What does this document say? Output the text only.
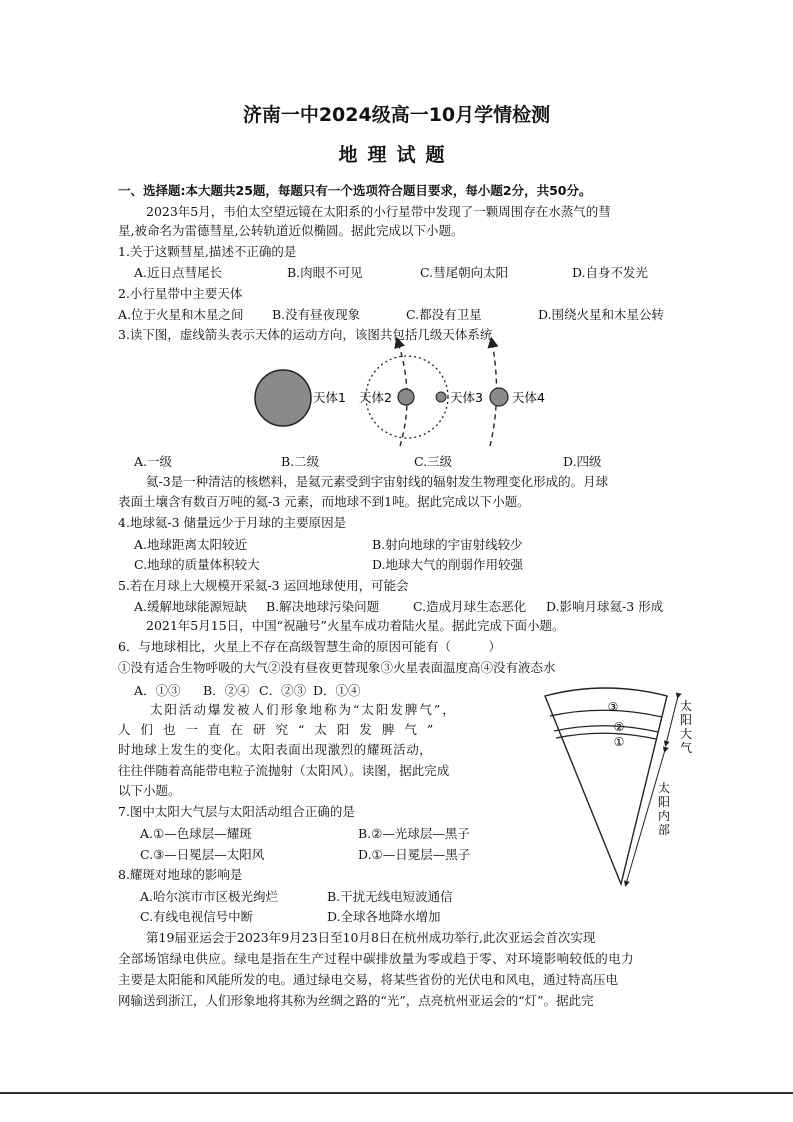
济南一中2024级高一10月学情检测
地理试题
一、选择题:本大题共25题，每题只有一个选项符合题目要求，每小题2分，共50分。
2023年5月，韦伯太空望远镜在太阳系的小行星带中发现了一颗周围存在水蒸气的彗
星,被命名为雷德彗星,公转轨道近似椭圆。据此完成以下小题。
1.关于这颗彗星,描述不正确的是
A.近日点彗尾长	B.肉眼不可见	C.彗尾朝向太阳	D.自身不发光
2.小行星带中主要天体
A.位于火星和木星之间 B.没有昼夜现象	C.都没有卫星	D.围绕火星和木星公转
3.读下图，虚线箭头表示天体的运动方向，该图共包括几级天体系统
天体1 天体2	天体3 天体4
A.一级	B.二级	C.三级	D.四级
氦-3是一种清洁的核燃料，是氦元素受到宇宙射线的辐射发生物理变化形成的。月球
表面土壤含有数百万吨的氦-3 元素，而地球不到1吨。据此完成以下小题。
4.地球氦-3 储量远少于月球的主要原因是
A.地球距离太阳较近	B.射向地球的宇宙射线较少
C.地球的质量体积较大	D.地球大气的削弱作用较强
5.若在月球上大规模开采氦-3 运回地球使用，可能会
A.缓解地球能源短缺 B.解决地球污染问题	C.造成月球生态恶化 D.影响月球氦-3 形成
2021年5月15日，中国“祝融号”火星车成功着陆火星。据此完成下面小题。
6．与地球相比，火星上不存在高级智慧生命的原因可能有（　　　）
①没有适合生物呼吸的大气②没有昼夜更替现象③火星表面温度高④没有液态水
A．①③ B．②④ C．②③ D．①④
太阳活动爆发被人们形象地称为“太阳发脾气”，
人们也一直在研究“太阳发脾气”
时地球上发生的变化。太阳表面出现激烈的耀斑活动，
往往伴随着高能带电粒子流抛射（太阳风）。读图，据此完成
以下小题。
③
②
①
太阳大气
太阳内部
7.图中太阳大气层与太阳活动组合正确的是
A.①—色球层—耀斑	B.②—光球层—黑子
C.③—日冕层—太阳风	D.①—日冕层—黑子
8.耀斑对地球的影响是
A.哈尔滨市市区极光绚烂	B.干扰无线电短波通信
C.有线电视信号中断	D.全球各地降水增加
第19届亚运会于2023年9月23日至10月8日在杭州成功举行,此次亚运会首次实现
全部场馆绿电供应。绿电是指在生产过程中碳排放量为零或趋于零、对环境影响较低的电力
主要是太阳能和风能所发的电。通过绿电交易，将某些省份的光伏电和风电，通过特高压电
网输送到浙江，人们形象地将其称为丝绸之路的“光”，点亮杭州亚运会的“灯”。据此完
